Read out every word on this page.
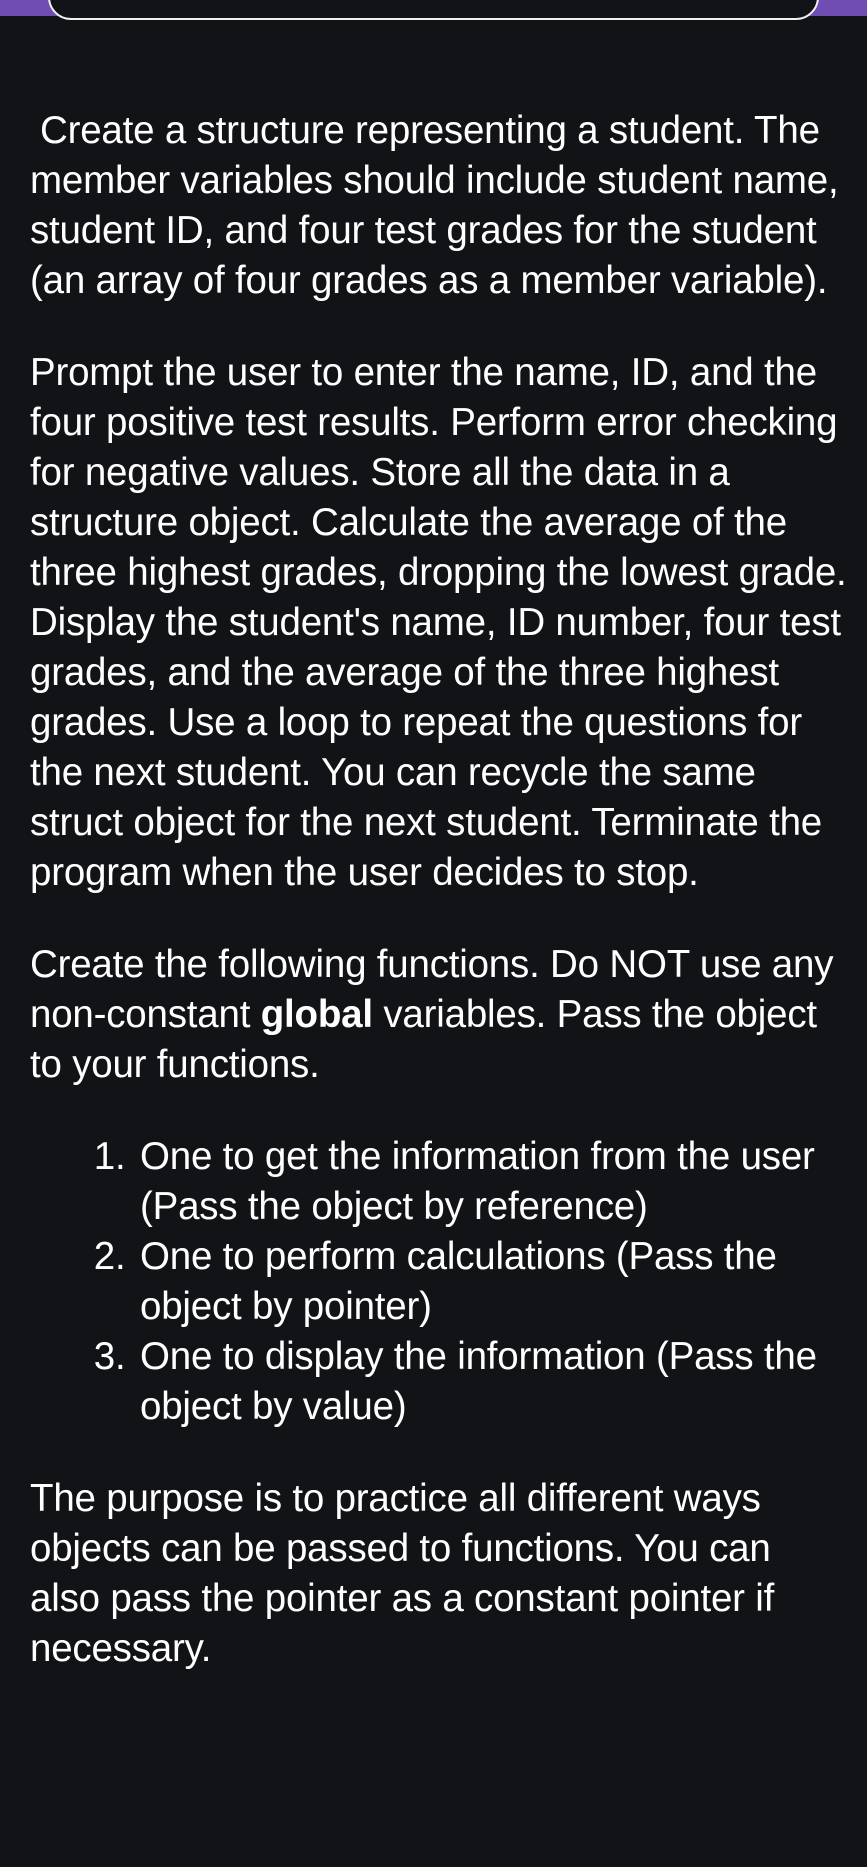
Create a structure representing a student. The member variables should include student name, student ID, and four test grades for the student (an array of four grades as a member variable).

Prompt the user to enter the name, ID, and the four positive test results. Perform error checking for negative values. Store all the data in a structure object. Calculate the average of the three highest grades, dropping the lowest grade. Display the student's name, ID number, four test grades, and the average of the three highest grades. Use a loop to repeat the questions for the next student. You can recycle the same struct object for the next student. Terminate the program when the user decides to stop.

Create the following functions. Do NOT use any non-constant global variables. Pass the object to your functions.

1. One to get the information from the user (Pass the object by reference)
2. One to perform calculations (Pass the object by pointer)
3. One to display the information (Pass the object by value)

The purpose is to practice all different ways objects can be passed to functions. You can also pass the pointer as a constant pointer if necessary.
